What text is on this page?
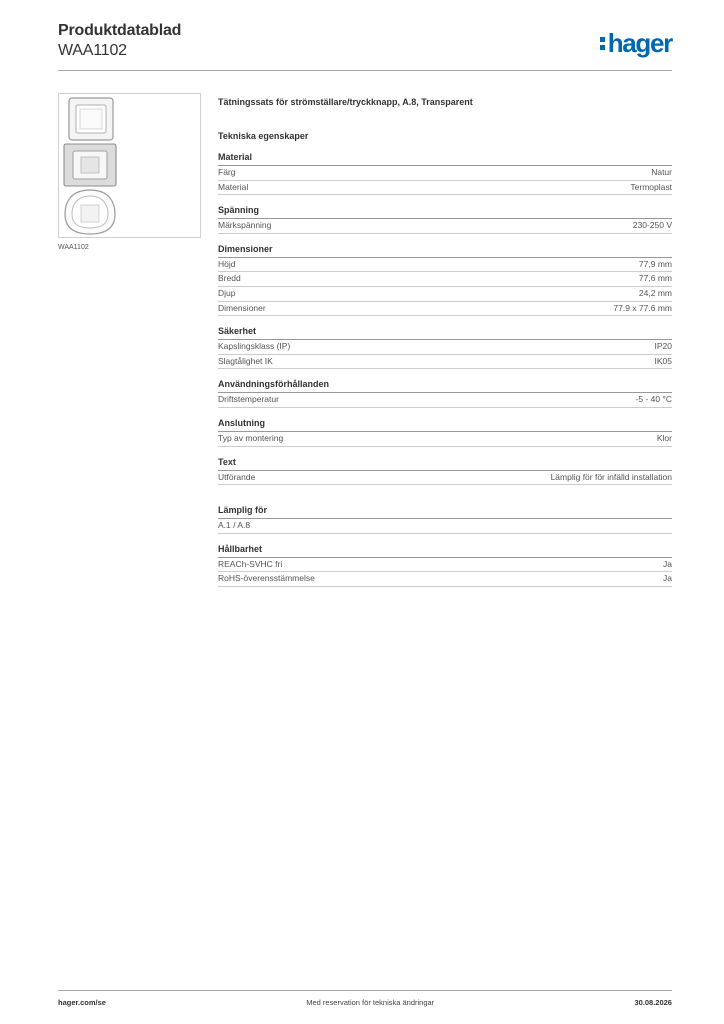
Produktdatablad
WAA1102	hager
WAA1102
Tätningssats för strömställare/tryckknapp, A.8, Transparent
Tekniska egenskaper
Material
Färg	Natur
Material	Termoplast
Spänning
Märkspänning	230-250 V
Dimensioner
Höjd	77,9 mm
Bredd	77,6 mm
Djup	24,2 mm
Dimensioner	77.9 x 77.6 mm
Säkerhet
Kapslingsklass (IP)	IP20
Slagtålighet IK	IK05
Användningsförhållanden
Driftstemperatur	-5 - 40 °C
Anslutning
Typ av montering	Klor
Text
Utförande	Lämplig för för infälld installation
Lämplig för
A.1 / A.8
Hållbarhet
REACh-SVHC fri	Ja
RoHS-överensstämmelse	Ja
hager.com/se	Med reservation för tekniska ändringar	30.08.2026
